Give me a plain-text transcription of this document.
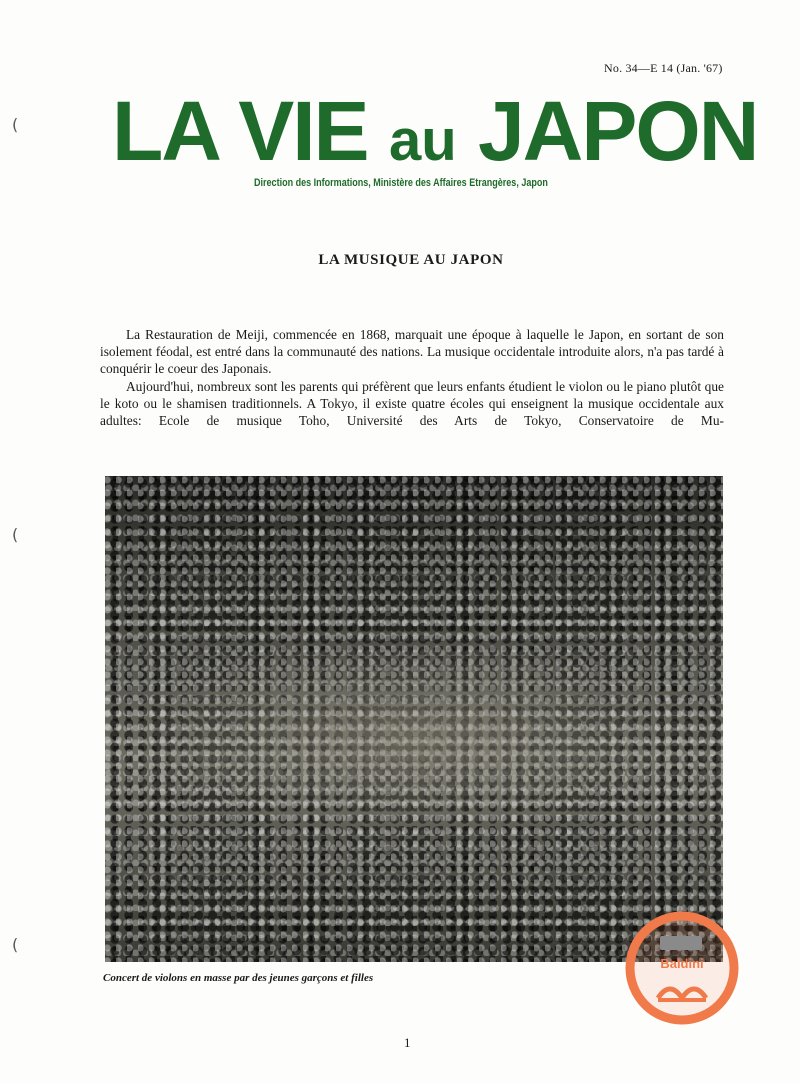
(
(
(
No. 34—E 14 (Jan. '67)
LA VIE au JAPON
Direction des Informations, Ministère des Affaires Etrangères, Japon
LA MUSIQUE AU JAPON

La Restauration de Meiji, commencée en 1868, marquait une époque à laquelle le Japon, en sortant de son isolement féodal, est entré dans la communauté des nations. La musique occidentale introduite alors, n'a pas tardé à conquérir le coeur des Japonais.

Aujourd'hui, nombreux sont les parents qui préfèrent que leurs enfants étudient le violon ou le piano plutôt que le koto ou le shamisen traditionnels. A Tokyo, il existe quatre écoles qui enseignent la musique occidentale aux adultes: Ecole de musique Toho, Université des Arts de Tokyo, Conservatoire de Mu-

Concert de violons en masse par des jeunes garçons et filles
1
Baldini
